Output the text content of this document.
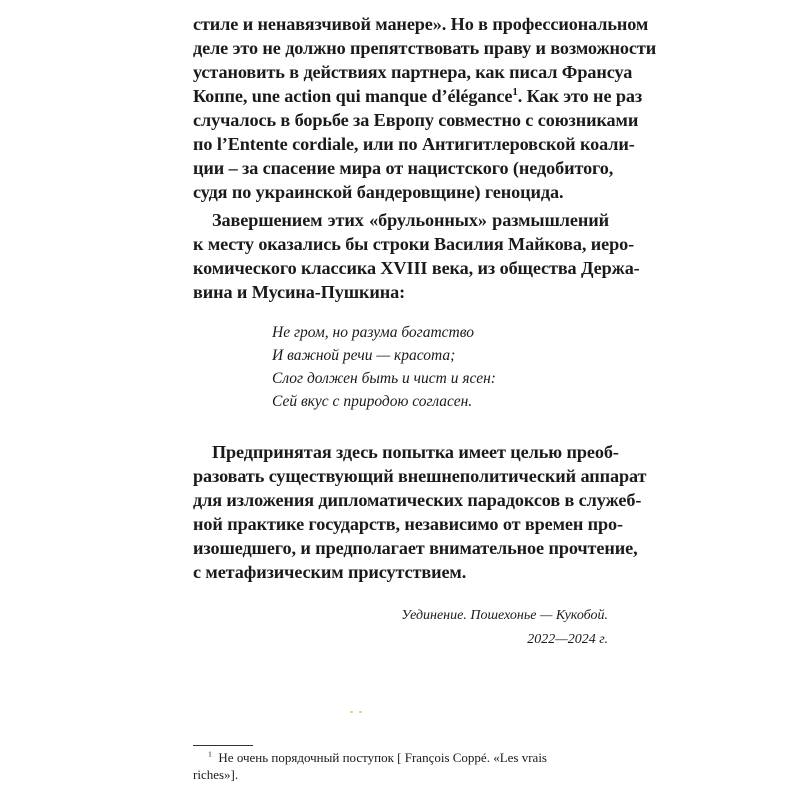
стиле и ненавязчивой манере». Но в профессиональном

деле это не должно препятствовать праву и возможности

установить в действиях партнера, как писал Франсуа

Коппе, une action qui manque d’élégance$^1$. Как это не раз

случалось в борьбе за Европу совместно с союзниками

по l’Entente cordiale, или по Антигитлеровской коали-

ции – за спасение мира от нацистского (недобитого,

судя по украинской бандеровщине) геноцида.

Завершением этих «брульонных» размышлений

к месту оказались бы строки Василия Майкова, иеро-

комического классика XVIII века, из общества Держа-

вина и Мусина-Пушкина:

Не гром, но разума богатство

И важной речи — красота;

Слог должен быть и чист и ясен:

Сей вкус с природою согласен.

Предпринятая здесь попытка имеет целью преоб-

разовать существующий внешнеполитический аппарат

для изложения дипломатических парадоксов в служеб-

ной практике государств, независимо от времен про-

изошедшего, и предполагает внимательное прочтение,

с метафизическим присутствием.

Уединение. Пошехонье — Кукобой.

2022—2024 г.

$^1$ Не очень порядочный поступок [ François Coppé. «Les vrais

riches»].
